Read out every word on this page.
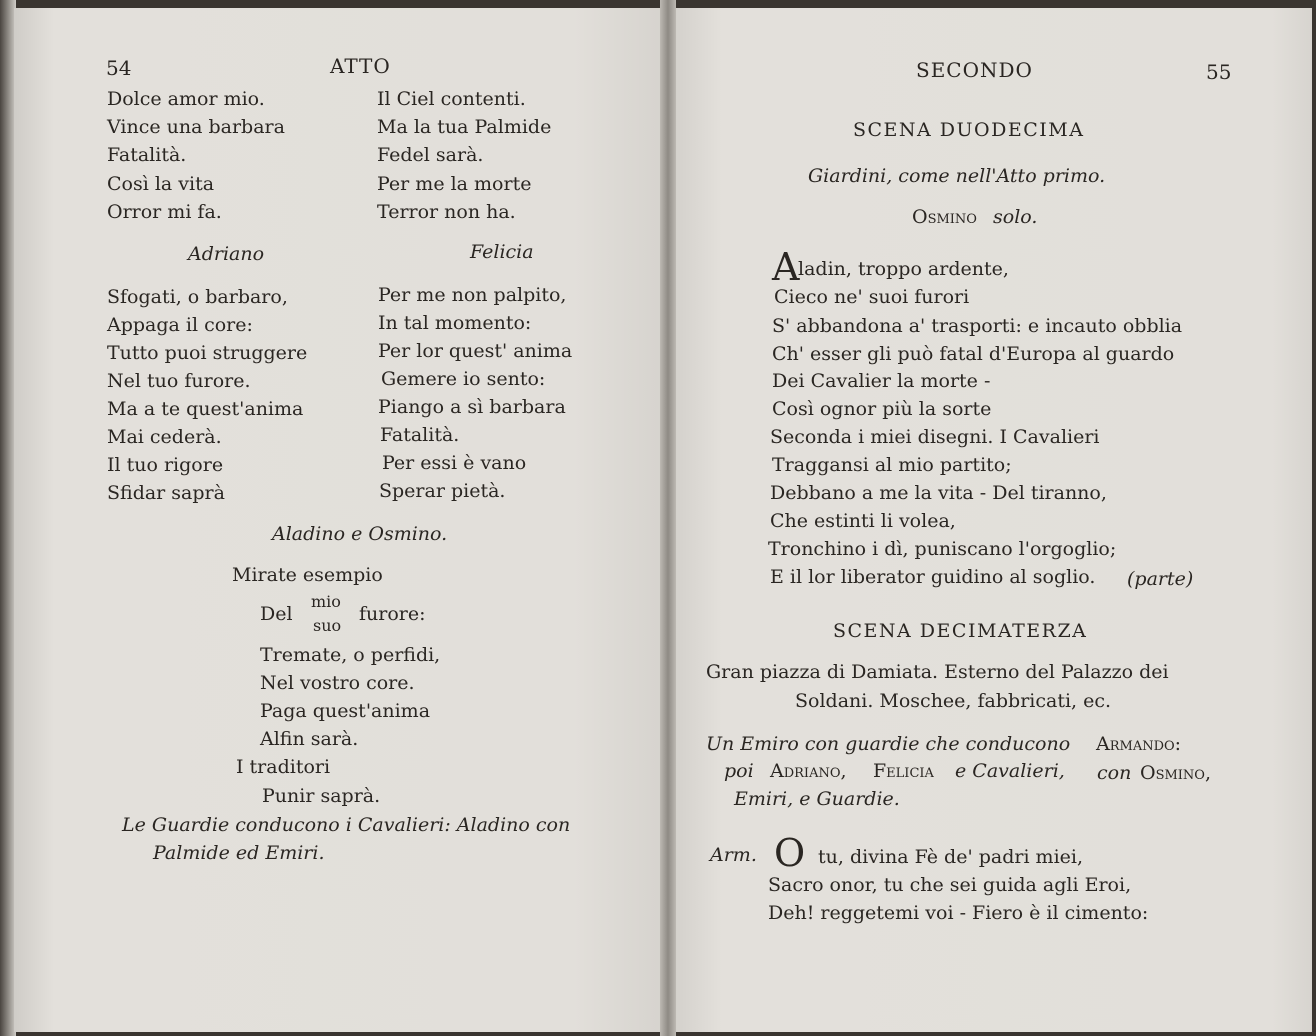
54	ATTO
Dolce amor mio.
Vince una barbara
Fatalità.
Così la vita
Orror mi fa.
Il Ciel contenti.
Ma la tua Palmide
Fedel sarà.
Per me la morte
Terror non ha.
Adriano	Felicia
Sfogati, o barbaro,
Appaga il core:
Tutto puoi struggere
Nel tuo furore.
Ma a te quest'anima
Mai cederà.
Il tuo rigore
Sfidar saprà
Per me non palpito,
In tal momento:
Per lor quest' anima
Gemere io sento:
Piango a sì barbara
Fatalità.
Per essi è vano
Sperar pietà.
Aladino e Osmino.
Mirate esempio
Del
mio
suo
furore:
Tremate, o perfidi,
Nel vostro core.
Paga quest'anima
Alfin sarà.
I traditori
Punir saprà.
Le Guardie conducono i Cavalieri: Aladino con
Palmide ed Emiri.
SECONDO	55
SCENA DUODECIMA
Giardini, come nell'Atto primo.
Osmino solo.
A
ladin, troppo ardente,
Cieco ne' suoi furori
S' abbandona a' trasporti: e incauto obblia
Ch' esser gli può fatal d'Europa al guardo
Dei Cavalier la morte -
Così ognor più la sorte
Seconda i miei disegni. I Cavalieri
Traggansi al mio partito;
Debbano a me la vita - Del tiranno,
Che estinti li volea,
Tronchino i dì, puniscano l'orgoglio;
E il lor liberator guidino al soglio. (parte)
SCENA DECIMATERZA
Gran piazza di Damiata. Esterno del Palazzo dei
Soldani. Moschee, fabbricati, ec.
Un Emiro con guardie che conducono Armando:
poi Adriano, Felicia e Cavalieri, con Osmino,
Emiri, e Guardie.
Arm. O tu, divina Fè de' padri miei,
Sacro onor, tu che sei guida agli Eroi,
Deh! reggetemi voi - Fiero è il cimento:
